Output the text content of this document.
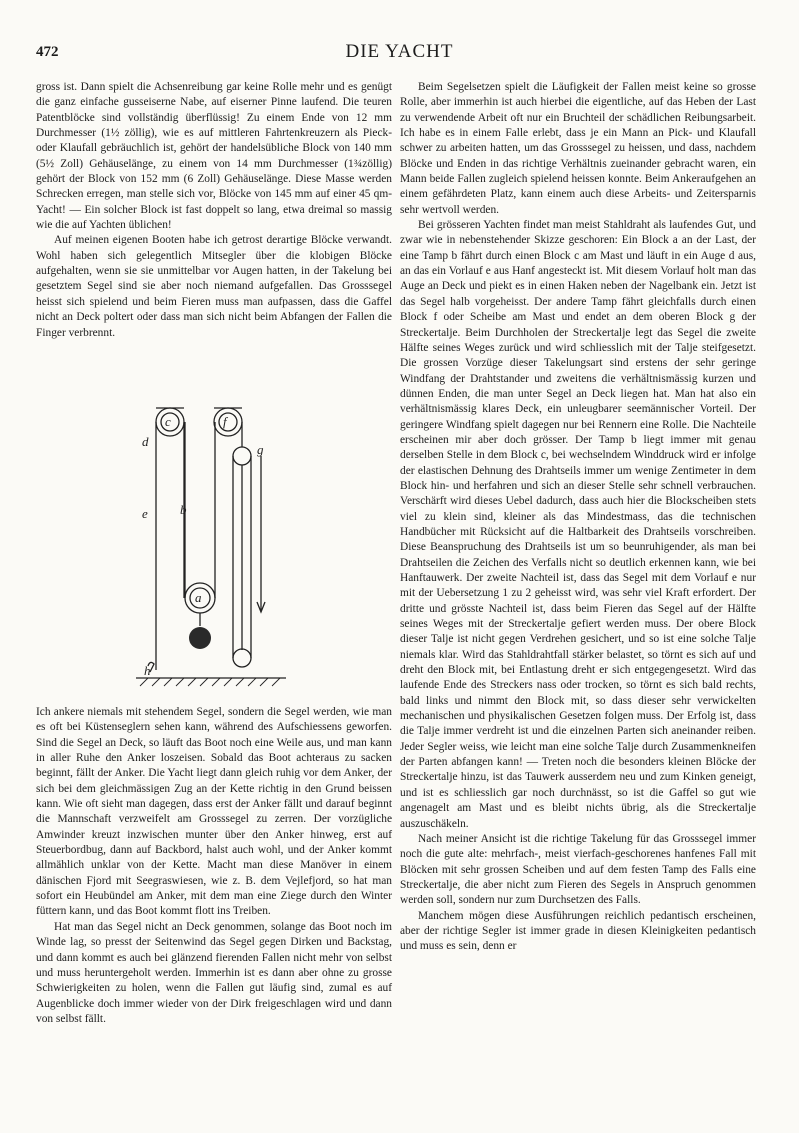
472	DIE YACHT

gross ist. Dann spielt die Achsenreibung gar keine Rolle mehr und es genügt die ganz einfache gusseiserne Nabe, auf eiserner Pinne laufend. Die teuren Patentblöcke sind vollständig überflüssig! Zu einem Ende von 12 mm Durchmesser (1½ zöllig), wie es auf mittleren Fahrtenkreuzern als Pieck- oder Klaufall gebräuchlich ist, gehört der handelsübliche Block von 140 mm (5½ Zoll) Gehäuselänge, zu einem von 14 mm Durchmesser (1¾zöllig) gehört der Block von 152 mm (6 Zoll) Gehäuselänge. Diese Masse werden Schrecken erregen, man stelle sich vor, Blöcke von 145 mm auf einer 45 qm-Yacht! — Ein solcher Block ist fast doppelt so lang, etwa dreimal so massig wie die auf Yachten üblichen!

Auf meinen eigenen Booten habe ich getrost derartige Blöcke verwandt. Wohl haben sich gelegentlich Mitsegler über die klobigen Blöcke aufgehalten, wenn sie sie unmittelbar vor Augen hatten, in der Takelung bei gesetztem Segel sind sie aber noch niemand aufgefallen. Das Grosssegel heisst sich spielend und beim Fieren muss man aufpassen, dass die Gaffel nicht an Deck poltert oder dass man sich nicht beim Abfangen der Fallen die Finger verbrennt.

d
c	f
g
e b
a
h

Ich ankere niemals mit stehendem Segel, sondern die Segel werden, wie man es oft bei Küstenseglern sehen kann, während des Aufschiessens geworfen. Sind die Segel an Deck, so läuft das Boot noch eine Weile aus, und man kann in aller Ruhe den Anker loszeisen. Sobald das Boot achteraus zu sacken beginnt, fällt der Anker. Die Yacht liegt dann gleich ruhig vor dem Anker, der sich bei dem gleichmässigen Zug an der Kette richtig in den Grund beissen kann. Wie oft sieht man dagegen, dass erst der Anker fällt und darauf beginnt die Mannschaft verzweifelt am Grosssegel zu zerren. Der vorzügliche Amwinder kreuzt inzwischen munter über den Anker hinweg, erst auf Steuerbordbug, dann auf Backbord, halst auch wohl, und der Anker kommt allmählich unklar von der Kette. Macht man diese Manöver in einem dänischen Fjord mit Seegraswiesen, wie z. B. dem Vejlefjord, so hat man sofort ein Heubündel am Anker, mit dem man eine Ziege durch den Winter füttern kann, und das Boot kommt flott ins Treiben.

Hat man das Segel nicht an Deck genommen, solange das Boot noch im Winde lag, so presst der Seitenwind das Segel gegen Dirken und Backstag, und dann kommt es auch bei glänzend fierenden Fallen nicht mehr von selbst und muss heruntergeholt werden. Immerhin ist es dann aber ohne zu grosse Schwierigkeiten zu holen, wenn die Fallen gut läufig sind, zumal es auf Augenblicke doch immer wieder von der Dirk freigeschlagen wird und dann von selbst fällt.

Beim Segelsetzen spielt die Läufigkeit der Fallen meist keine so grosse Rolle, aber immerhin ist auch hierbei die eigentliche, auf das Heben der Last zu verwendende Arbeit oft nur ein Bruchteil der schädlichen Reibungsarbeit. Ich habe es in einem Falle erlebt, dass je ein Mann an Pick- und Klaufall schwer zu arbeiten hatten, um das Grosssegel zu heissen, und dass, nachdem Blöcke und Enden in das richtige Verhältnis zueinander gebracht waren, ein Mann beide Fallen zugleich spielend heissen konnte. Beim Ankeraufgehen an einem gefährdeten Platz, kann einem auch diese Arbeits- und Zeitersparnis sehr wertvoll werden.

Bei grösseren Yachten findet man meist Stahldraht als laufendes Gut, und zwar wie in nebenstehender Skizze geschoren: Ein Block a an der Last, der eine Tamp b fährt durch einen Block c am Mast und läuft in ein Auge d aus, an das ein Vorlauf e aus Hanf angesteckt ist. Mit diesem Vorlauf holt man das Auge an Deck und piekt es in einen Haken neben der Nagelbank ein. Jetzt ist das Segel halb vorgeheisst. Der andere Tamp fährt gleichfalls durch einen Block f oder Scheibe am Mast und endet an dem oberen Block g der Streckertalje. Beim Durchholen der Streckertalje legt das Segel die zweite Hälfte seines Weges zurück und wird schliesslich mit der Talje steifgesetzt. Die grossen Vorzüge dieser Takelungsart sind erstens der sehr geringe Windfang der Drahtstander und zweitens die verhältnismässig kurzen und dünnen Enden, die man unter Segel an Deck liegen hat. Man hat also ein verhältnismässig klares Deck, ein unleugbarer seemännischer Vorteil. Der geringere Windfang spielt dagegen nur bei Rennern eine Rolle. Die Nachteile erscheinen mir aber doch grösser. Der Tamp b liegt immer mit genau derselben Stelle in dem Block c, bei wechselndem Winddruck wird er infolge der elastischen Dehnung des Drahtseils immer um wenige Zentimeter in dem Block hin- und herfahren und sich an dieser Stelle sehr schnell verbrauchen. Verschärft wird dieses Uebel dadurch, dass auch hier die Blockscheiben stets viel zu klein sind, kleiner als das Mindestmass, das die technischen Handbücher mit Rücksicht auf die Haltbarkeit des Drahtseils vorschreiben. Diese Beanspruchung des Drahtseils ist um so beunruhigender, als man bei Drahtseilen die Zeichen des Verfalls nicht so deutlich erkennen kann, wie bei Hanftauwerk. Der zweite Nachteil ist, dass das Segel mit dem Vorlauf e nur mit der Uebersetzung 1 zu 2 geheisst wird, was sehr viel Kraft erfordert. Der dritte und grösste Nachteil ist, dass beim Fieren das Segel auf der Hälfte seines Weges mit der Streckertalje gefiert werden muss. Der obere Block dieser Talje ist nicht gegen Verdrehen gesichert, und so ist eine solche Talje niemals klar. Wird das Stahldrahtfall stärker belastet, so törnt es sich auf und dreht den Block mit, bei Entlastung dreht er sich entgegengesetzt. Wird das laufende Ende des Streckers nass oder trocken, so törnt es sich bald rechts, bald links und nimmt den Block mit, so dass dieser sehr verwickelten mechanischen und physikalischen Gesetzen folgen muss. Der Erfolg ist, dass die Talje immer verdreht ist und die einzelnen Parten sich aneinander reiben. Jeder Segler weiss, wie leicht man eine solche Talje durch Zusammenkneifen der Parten abfangen kann! — Treten noch die besonders kleinen Blöcke der Streckertalje hinzu, ist das Tauwerk ausserdem neu und zum Kinken geneigt, und ist es schliesslich gar noch durchnässt, so ist die Gaffel so gut wie angenagelt am Mast und es bleibt nichts übrig, als die Streckertalje auszuschäkeln.

Nach meiner Ansicht ist die richtige Takelung für das Grosssegel immer noch die gute alte: mehrfach-, meist vierfach-geschorenes hanfenes Fall mit Blöcken mit sehr grossen Scheiben und auf dem festen Tamp des Falls eine Streckertalje, die aber nicht zum Fieren des Segels in Anspruch genommen werden soll, sondern nur zum Durchsetzen des Falls.

Manchem mögen diese Ausführungen reichlich pedantisch erscheinen, aber der richtige Segler ist immer grade in diesen Kleinigkeiten pedantisch und muss es sein, denn er
